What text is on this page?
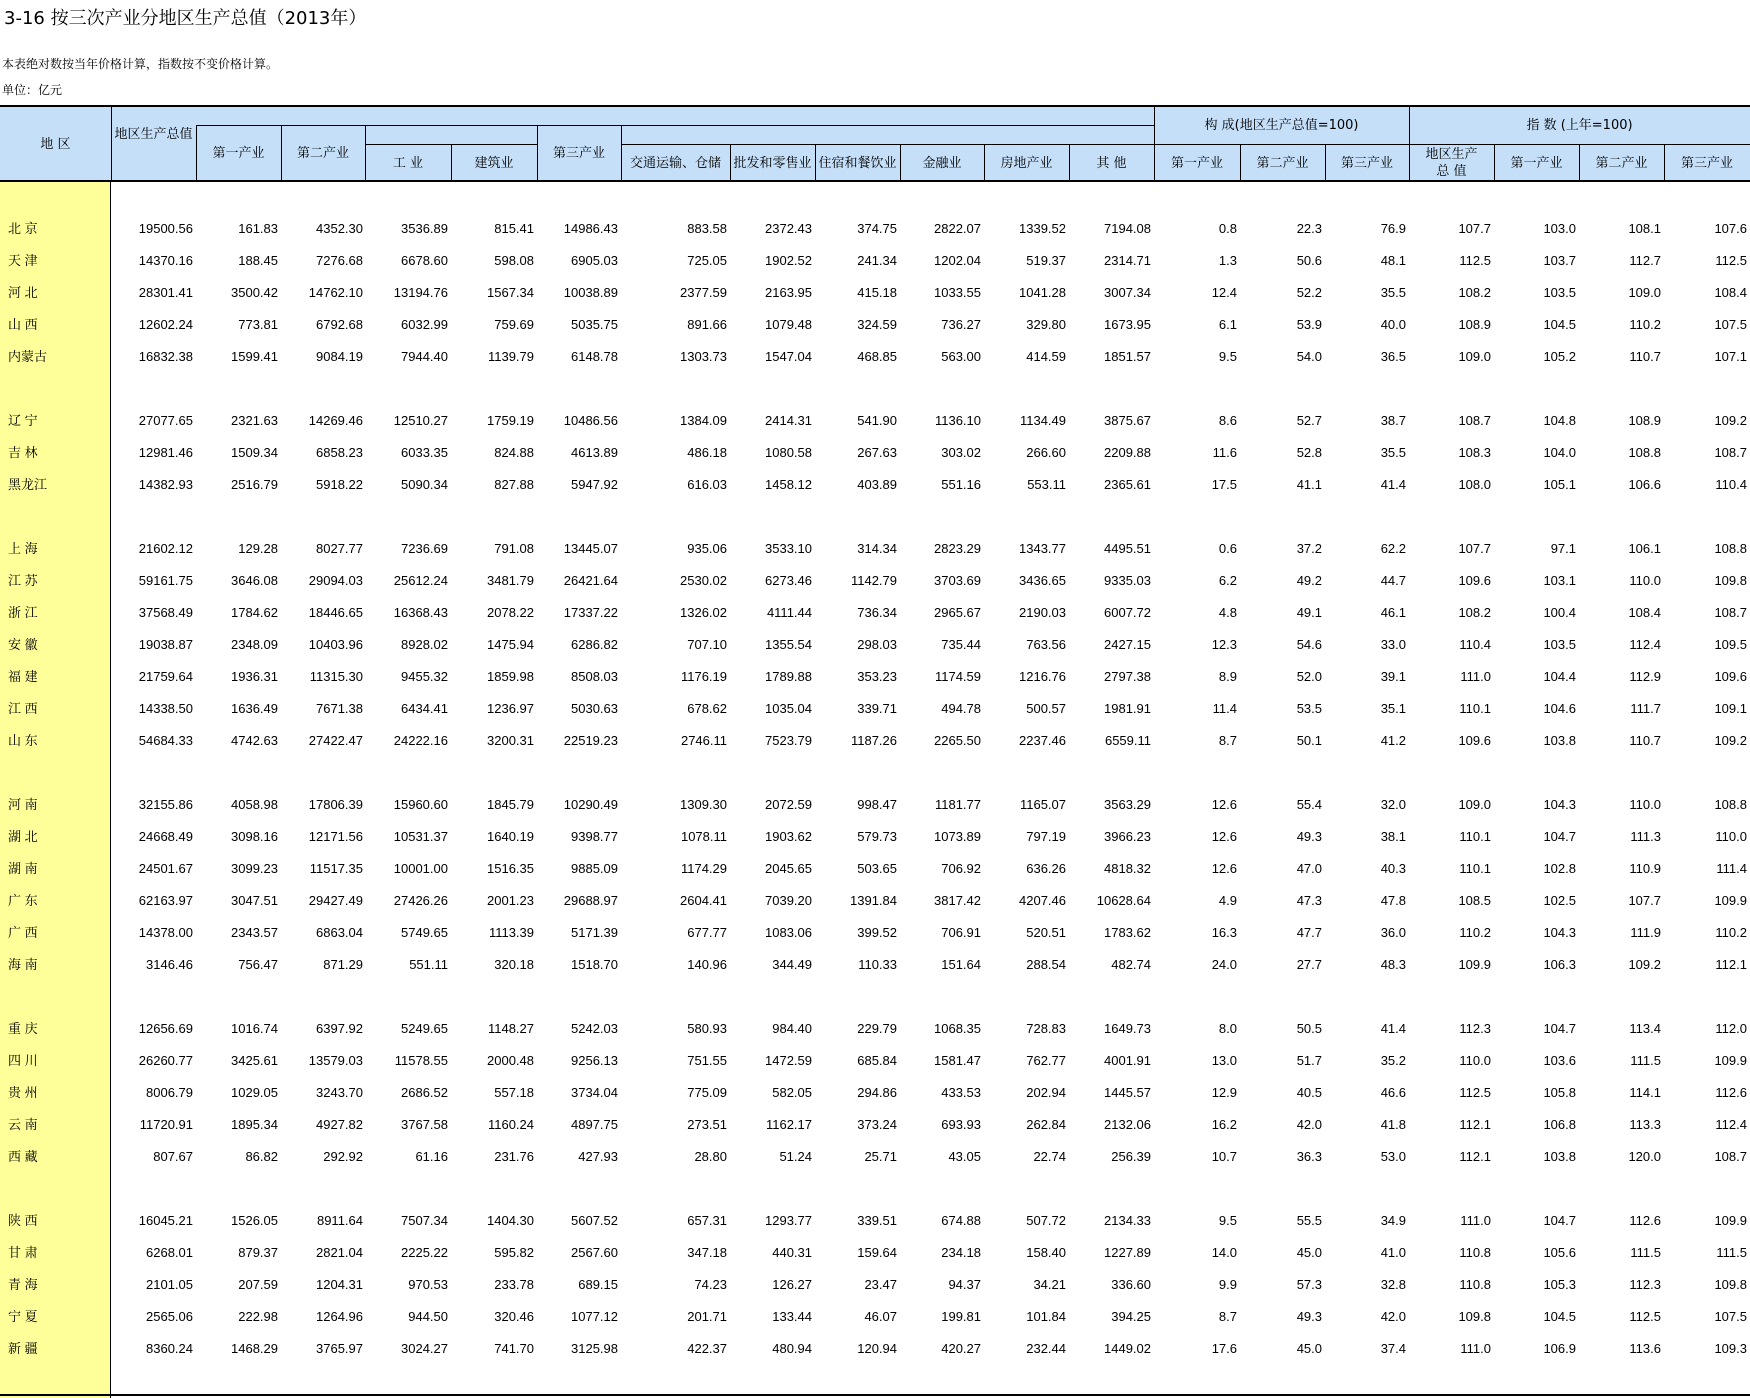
3-16 按三次产业分地区生产总值（2013年）
本表绝对数按当年价格计算，指数按不变价格计算。
单位：亿元
地 区
地区生产总值
第一产业	第二产业
工 业	建筑业
第三产业
交通运输、仓储 批发和零售业 住宿和餐饮业	金融业	房地产业	其 他
构 成(地区生产总值=100)
第一产业	第二产业	第三产业
指 数 (上年=100)
地区生产
总 值
第一产业	第二产业	第三产业
北 京	19500.56	161.83	4352.30	3536.89	815.41	14986.43	883.58	2372.43	374.75	2822.07	1339.52	7194.08	0.8	22.3	76.9	107.7	103.0	108.1	107.6
天 津	14370.16	188.45	7276.68	6678.60	598.08	6905.03	725.05	1902.52	241.34	1202.04	519.37	2314.71	1.3	50.6	48.1	112.5	103.7	112.7	112.5
河 北	28301.41	3500.42	14762.10	13194.76	1567.34	10038.89	2377.59	2163.95	415.18	1033.55	1041.28	3007.34	12.4	52.2	35.5	108.2	103.5	109.0	108.4
山 西	12602.24	773.81	6792.68	6032.99	759.69	5035.75	891.66	1079.48	324.59	736.27	329.80	1673.95	6.1	53.9	40.0	108.9	104.5	110.2	107.5
内蒙古	16832.38	1599.41	9084.19	7944.40	1139.79	6148.78	1303.73	1547.04	468.85	563.00	414.59	1851.57	9.5	54.0	36.5	109.0	105.2	110.7	107.1
辽 宁	27077.65	2321.63	14269.46	12510.27	1759.19	10486.56	1384.09	2414.31	541.90	1136.10	1134.49	3875.67	8.6	52.7	38.7	108.7	104.8	108.9	109.2
吉 林	12981.46	1509.34	6858.23	6033.35	824.88	4613.89	486.18	1080.58	267.63	303.02	266.60	2209.88	11.6	52.8	35.5	108.3	104.0	108.8	108.7
黑龙江	14382.93	2516.79	5918.22	5090.34	827.88	5947.92	616.03	1458.12	403.89	551.16	553.11	2365.61	17.5	41.1	41.4	108.0	105.1	106.6	110.4
上 海	21602.12	129.28	8027.77	7236.69	791.08	13445.07	935.06	3533.10	314.34	2823.29	1343.77	4495.51	0.6	37.2	62.2	107.7	97.1	106.1	108.8
江 苏	59161.75	3646.08	29094.03	25612.24	3481.79	26421.64	2530.02	6273.46	1142.79	3703.69	3436.65	9335.03	6.2	49.2	44.7	109.6	103.1	110.0	109.8
浙 江	37568.49	1784.62	18446.65	16368.43	2078.22	17337.22	1326.02	4111.44	736.34	2965.67	2190.03	6007.72	4.8	49.1	46.1	108.2	100.4	108.4	108.7
安 徽	19038.87	2348.09	10403.96	8928.02	1475.94	6286.82	707.10	1355.54	298.03	735.44	763.56	2427.15	12.3	54.6	33.0	110.4	103.5	112.4	109.5
福 建	21759.64	1936.31	11315.30	9455.32	1859.98	8508.03	1176.19	1789.88	353.23	1174.59	1216.76	2797.38	8.9	52.0	39.1	111.0	104.4	112.9	109.6
江 西	14338.50	1636.49	7671.38	6434.41	1236.97	5030.63	678.62	1035.04	339.71	494.78	500.57	1981.91	11.4	53.5	35.1	110.1	104.6	111.7	109.1
山 东	54684.33	4742.63	27422.47	24222.16	3200.31	22519.23	2746.11	7523.79	1187.26	2265.50	2237.46	6559.11	8.7	50.1	41.2	109.6	103.8	110.7	109.2
河 南	32155.86	4058.98	17806.39	15960.60	1845.79	10290.49	1309.30	2072.59	998.47	1181.77	1165.07	3563.29	12.6	55.4	32.0	109.0	104.3	110.0	108.8
湖 北	24668.49	3098.16	12171.56	10531.37	1640.19	9398.77	1078.11	1903.62	579.73	1073.89	797.19	3966.23	12.6	49.3	38.1	110.1	104.7	111.3	110.0
湖 南	24501.67	3099.23	11517.35	10001.00	1516.35	9885.09	1174.29	2045.65	503.65	706.92	636.26	4818.32	12.6	47.0	40.3	110.1	102.8	110.9	111.4
广 东	62163.97	3047.51	29427.49	27426.26	2001.23	29688.97	2604.41	7039.20	1391.84	3817.42	4207.46	10628.64	4.9	47.3	47.8	108.5	102.5	107.7	109.9
广 西	14378.00	2343.57	6863.04	5749.65	1113.39	5171.39	677.77	1083.06	399.52	706.91	520.51	1783.62	16.3	47.7	36.0	110.2	104.3	111.9	110.2
海 南	3146.46	756.47	871.29	551.11	320.18	1518.70	140.96	344.49	110.33	151.64	288.54	482.74	24.0	27.7	48.3	109.9	106.3	109.2	112.1
重 庆	12656.69	1016.74	6397.92	5249.65	1148.27	5242.03	580.93	984.40	229.79	1068.35	728.83	1649.73	8.0	50.5	41.4	112.3	104.7	113.4	112.0
四 川	26260.77	3425.61	13579.03	11578.55	2000.48	9256.13	751.55	1472.59	685.84	1581.47	762.77	4001.91	13.0	51.7	35.2	110.0	103.6	111.5	109.9
贵 州	8006.79	1029.05	3243.70	2686.52	557.18	3734.04	775.09	582.05	294.86	433.53	202.94	1445.57	12.9	40.5	46.6	112.5	105.8	114.1	112.6
云 南	11720.91	1895.34	4927.82	3767.58	1160.24	4897.75	273.51	1162.17	373.24	693.93	262.84	2132.06	16.2	42.0	41.8	112.1	106.8	113.3	112.4
西 藏	807.67	86.82	292.92	61.16	231.76	427.93	28.80	51.24	25.71	43.05	22.74	256.39	10.7	36.3	53.0	112.1	103.8	120.0	108.7
陕 西	16045.21	1526.05	8911.64	7507.34	1404.30	5607.52	657.31	1293.77	339.51	674.88	507.72	2134.33	9.5	55.5	34.9	111.0	104.7	112.6	109.9
甘 肃	6268.01	879.37	2821.04	2225.22	595.82	2567.60	347.18	440.31	159.64	234.18	158.40	1227.89	14.0	45.0	41.0	110.8	105.6	111.5	111.5
青 海	2101.05	207.59	1204.31	970.53	233.78	689.15	74.23	126.27	23.47	94.37	34.21	336.60	9.9	57.3	32.8	110.8	105.3	112.3	109.8
宁 夏	2565.06	222.98	1264.96	944.50	320.46	1077.12	201.71	133.44	46.07	199.81	101.84	394.25	8.7	49.3	42.0	109.8	104.5	112.5	107.5
新 疆	8360.24	1468.29	3765.97	3024.27	741.70	3125.98	422.37	480.94	120.94	420.27	232.44	1449.02	17.6	45.0	37.4	111.0	106.9	113.6	109.3
